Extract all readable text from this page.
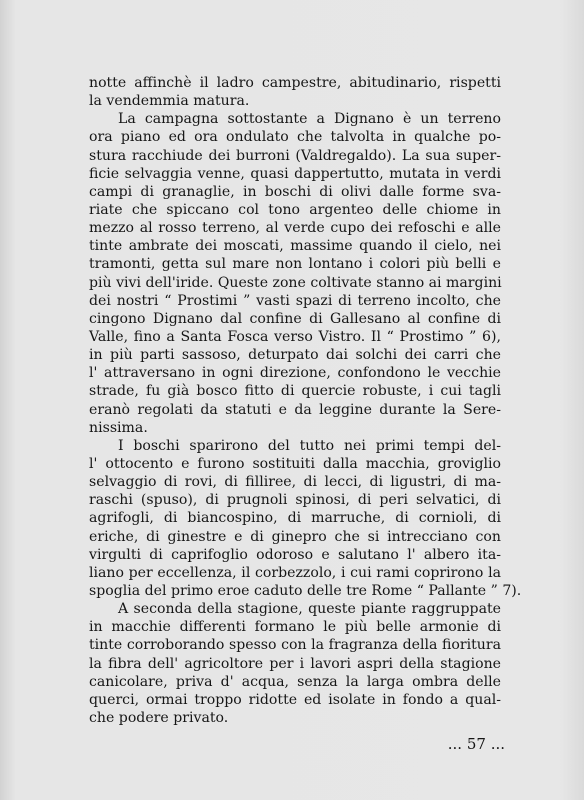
notte affinchè il ladro campestre, abitudinario, rispetti
la vendemmia matura.
La campagna sottostante a Dignano è un terreno
ora piano ed ora ondulato che talvolta in qualche po-
stura racchiude dei burroni (Valdregaldo). La sua super-
ficie selvaggia venne, quasi dappertutto, mutata in verdi
campi di granaglie, in boschi di olivi dalle forme sva-
riate che spiccano col tono argenteo delle chiome in
mezzo al rosso terreno, al verde cupo dei refoschi e alle
tinte ambrate dei moscati, massime quando il cielo, nei
tramonti, getta sul mare non lontano i colori più belli e
più vivi dell'iride. Queste zone coltivate stanno ai margini
dei nostri “ Prostimi ” vasti spazi di terreno incolto, che
cingono Dignano dal confine di Gallesano al confine di
Valle, fino a Santa Fosca verso Vistro. Il “ Prostimo ” 6),
in più parti sassoso, deturpato dai solchi dei carri che
l' attraversano in ogni direzione, confondono le vecchie
strade, fu già bosco fitto di quercie robuste, i cui tagli
eranò regolati da statuti e da leggine durante la Sere-
nissima.
I boschi sparirono del tutto nei primi tempi del-
l' ottocento e furono sostituiti dalla macchia, groviglio
selvaggio di rovi, di filliree, di lecci, di ligustri, di ma-
raschi (spuso), di prugnoli spinosi, di peri selvatici, di
agrifogli, di biancospino, di marruche, di cornioli, di
eriche, di ginestre e di ginepro che si intrecciano con
virgulti di caprifoglio odoroso e salutano l' albero ita-
liano per eccellenza, il corbezzolo, i cui rami coprirono la
spoglia del primo eroe caduto delle tre Rome “ Pallante ” 7).
A seconda della stagione, queste piante raggruppate
in macchie differenti formano le più belle armonie di
tinte corroborando spesso con la fragranza della fioritura
la fibra dell' agricoltore per i lavori aspri della stagione
canicolare, priva d' acqua, senza la larga ombra delle
querci, ormai troppo ridotte ed isolate in fondo a qual-
che podere privato.
... 57 ...
